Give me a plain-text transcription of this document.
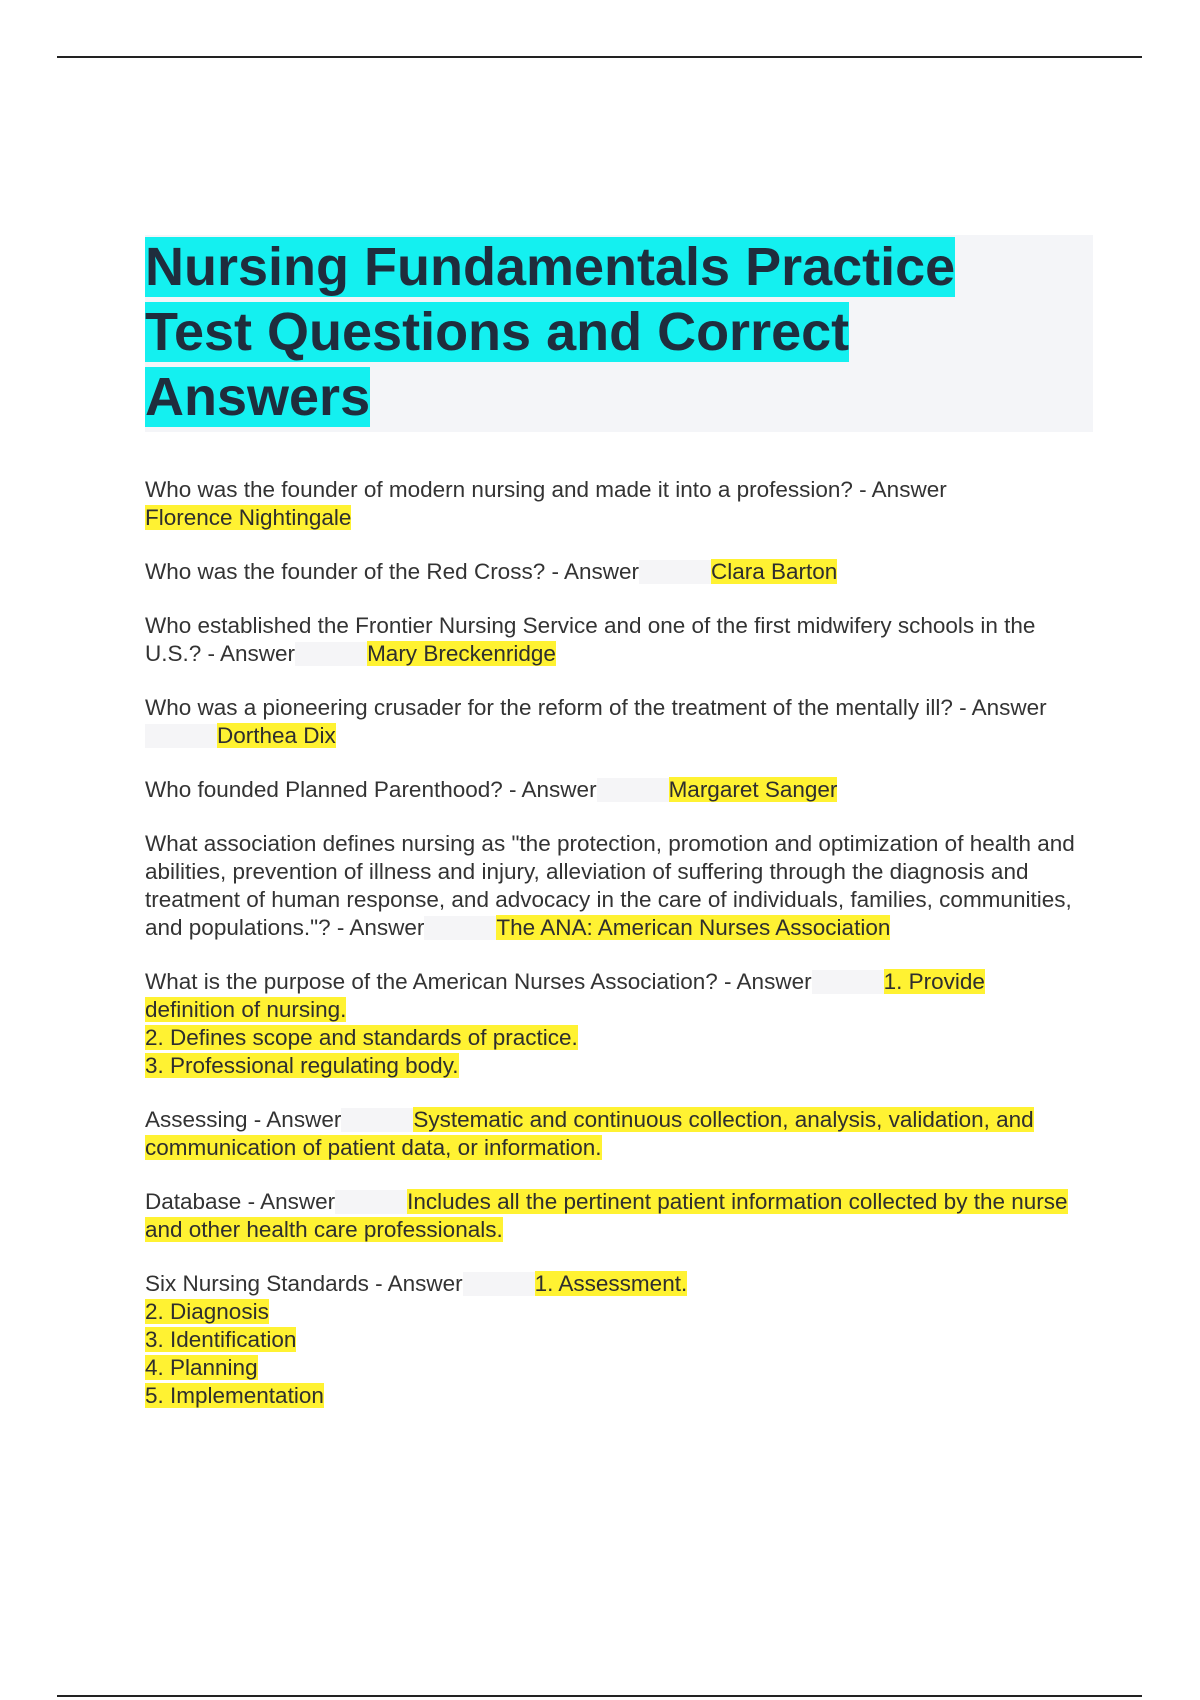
Nursing Fundamentals Practice
Test Questions and Correct
Answers

Who was the founder of modern nursing and made it into a profession? - Answer
Florence Nightingale

Who was the founder of the Red Cross? - Answer	Clara Barton

Who established the Frontier Nursing Service and one of the first midwifery schools in the U.S.? - Answer	Mary Breckenridge

Who was a pioneering crusader for the reform of the treatment of the mentally ill? - AnswerDorthea Dix

Who founded Planned Parenthood? - Answer	Margaret Sanger

What association defines nursing as "the protection, promotion and optimization of health and abilities, prevention of illness and injury, alleviation of suffering through the diagnosis and treatment of human response, and advocacy in the care of individuals, families, communities, and populations."? - Answer	The ANA: American Nurses Association

What is the purpose of the American Nurses Association? - Answer	1. Provide definition of nursing.
2. Defines scope and standards of practice.
3. Professional regulating body.

Assessing - Answer	Systematic and continuous collection, analysis, validation, and communication of patient data, or information.

Database - Answer	Includes all the pertinent patient information collected by the nurse and other health care professionals.

Six Nursing Standards - Answer	1. Assessment.
2. Diagnosis
3. Identification
4. Planning
5. Implementation
